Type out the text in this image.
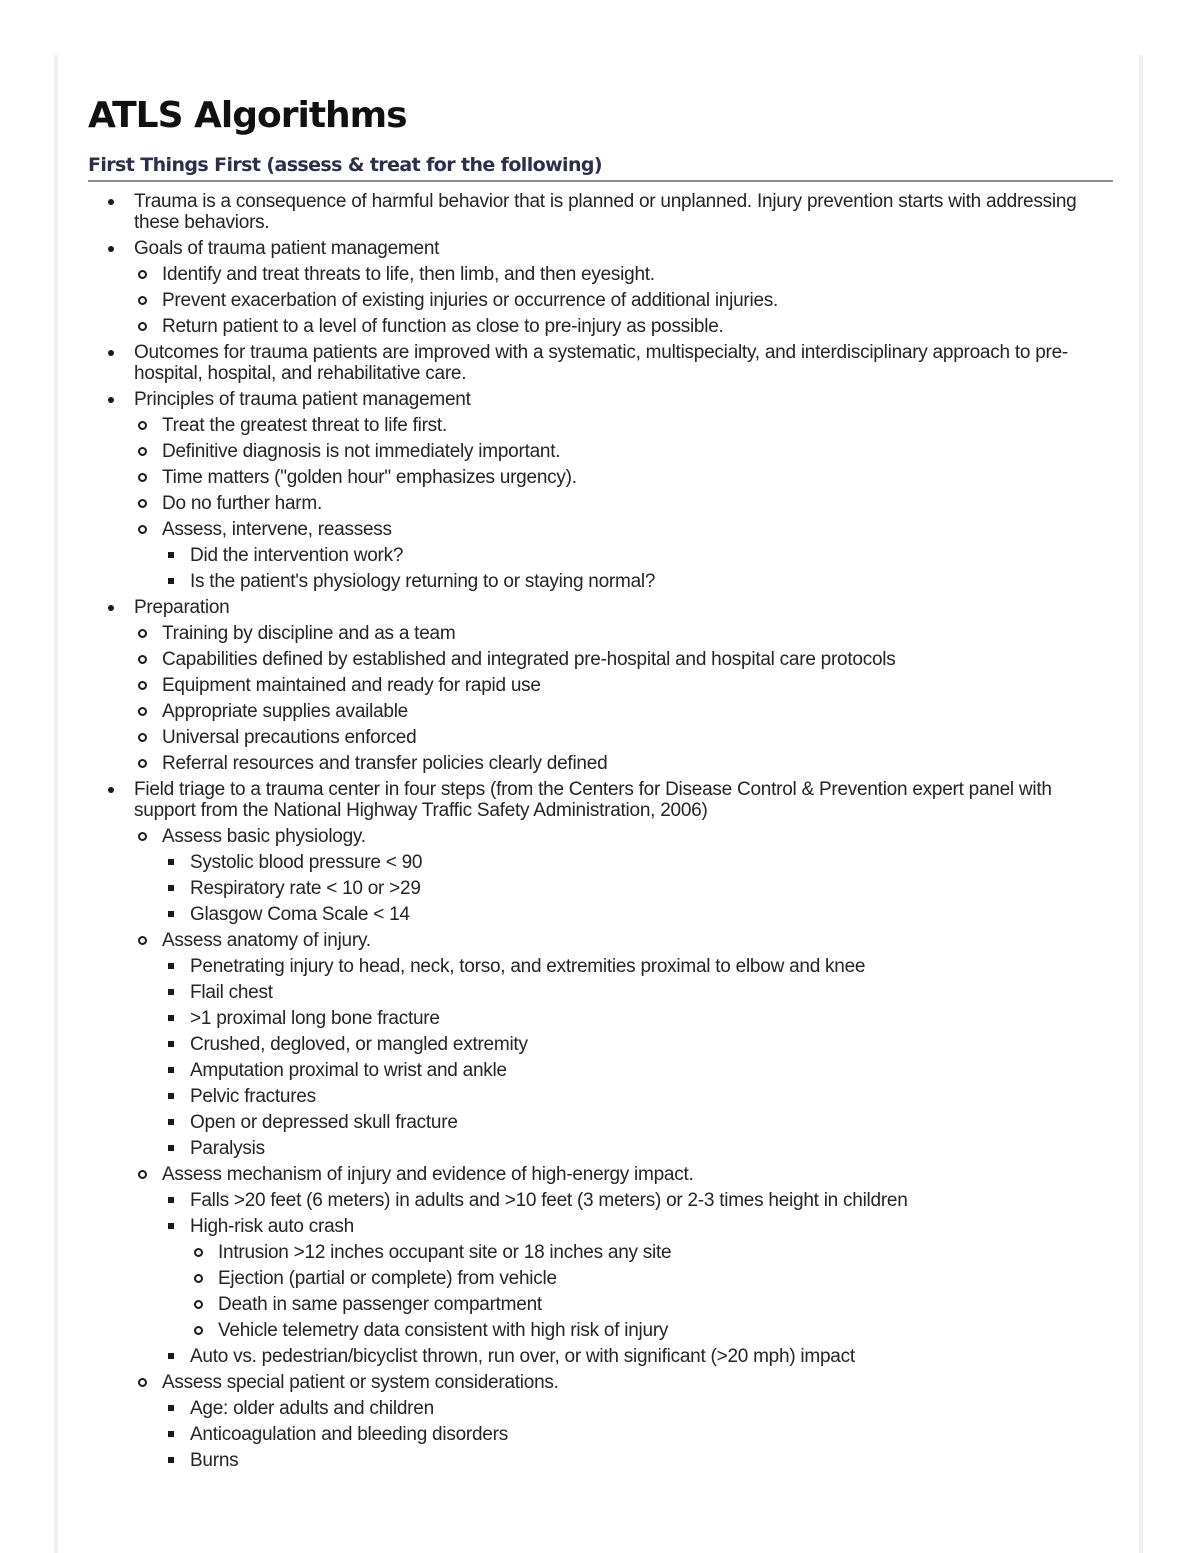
ATLS Algorithms
First Things First (assess & treat for the following)
Trauma is a consequence of harmful behavior that is planned or unplanned. Injury prevention starts with addressing these behaviors.
Goals of trauma patient management
Identify and treat threats to life, then limb, and then eyesight.
Prevent exacerbation of existing injuries or occurrence of additional injuries.
Return patient to a level of function as close to pre-injury as possible.
Outcomes for trauma patients are improved with a systematic, multispecialty, and interdisciplinary approach to pre-hospital, hospital, and rehabilitative care.
Principles of trauma patient management
Treat the greatest threat to life first.
Definitive diagnosis is not immediately important.
Time matters ("golden hour" emphasizes urgency).
Do no further harm.
Assess, intervene, reassess
Did the intervention work?
Is the patient's physiology returning to or staying normal?
Preparation
Training by discipline and as a team
Capabilities defined by established and integrated pre-hospital and hospital care protocols
Equipment maintained and ready for rapid use
Appropriate supplies available
Universal precautions enforced
Referral resources and transfer policies clearly defined
Field triage to a trauma center in four steps (from the Centers for Disease Control & Prevention expert panel with support from the National Highway Traffic Safety Administration, 2006)
Assess basic physiology.
Systolic blood pressure < 90
Respiratory rate < 10 or >29
Glasgow Coma Scale < 14
Assess anatomy of injury.
Penetrating injury to head, neck, torso, and extremities proximal to elbow and knee
Flail chest
>1 proximal long bone fracture
Crushed, degloved, or mangled extremity
Amputation proximal to wrist and ankle
Pelvic fractures
Open or depressed skull fracture
Paralysis
Assess mechanism of injury and evidence of high-energy impact.
Falls >20 feet (6 meters) in adults and >10 feet (3 meters) or 2-3 times height in children
High-risk auto crash
Intrusion >12 inches occupant site or 18 inches any site
Ejection (partial or complete) from vehicle
Death in same passenger compartment
Vehicle telemetry data consistent with high risk of injury
Auto vs. pedestrian/bicyclist thrown, run over, or with significant (>20 mph) impact
Assess special patient or system considerations.
Age: older adults and children
Anticoagulation and bleeding disorders
Burns
